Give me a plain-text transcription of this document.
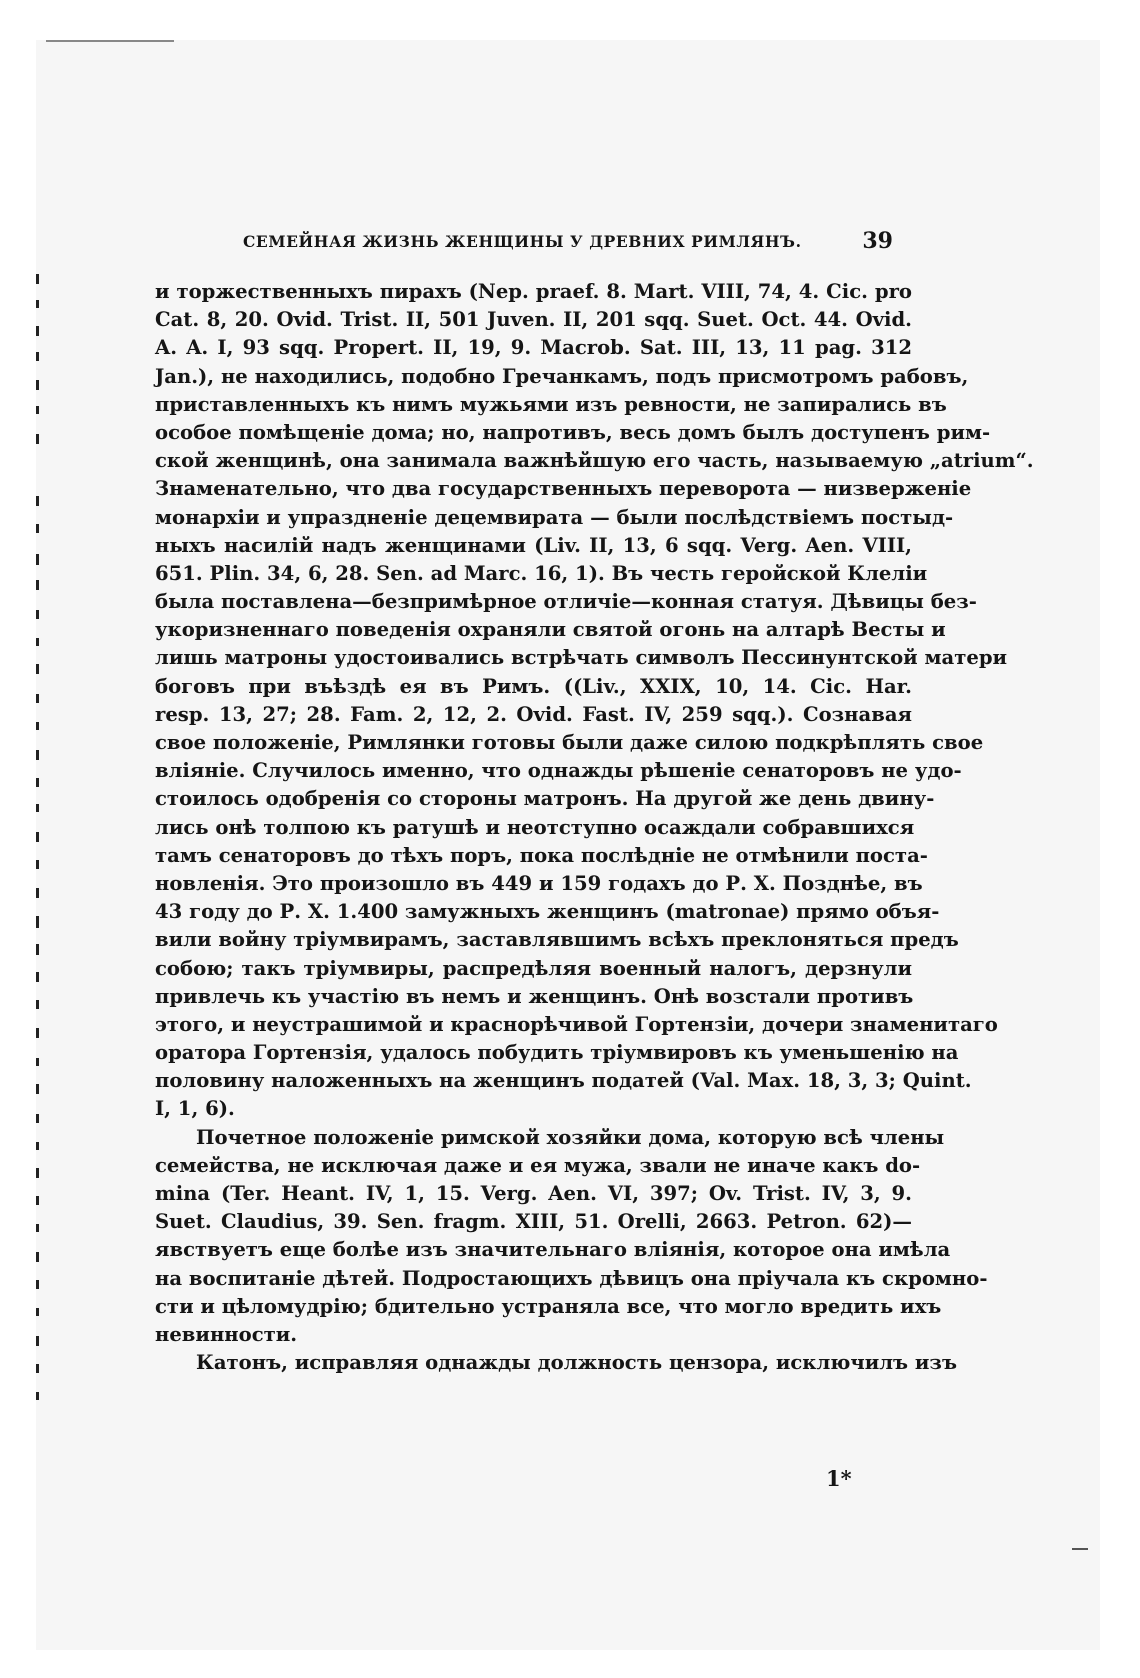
СЕМЕЙНАЯ ЖИЗНЬ ЖЕНЩИНЫ У ДРЕВНИХ РИМЛЯНЪ.	39
и торжественныхъ пирахъ (Nep. praef. 8. Mart. VIII, 74, 4. Cic. pro
Cat. 8, 20. Ovid. Trist. II, 501 Juven. II, 201 sqq. Suet. Oct. 44. Ovid.
A. A. I, 93 sqq. Propert. II, 19, 9. Macrob. Sat. III, 13, 11 pag. 312
Jan.), не находились, подобно Гречанкамъ, подъ присмотромъ рабовъ,
приставленныхъ къ нимъ мужьями изъ ревности, не запирались въ
особое помѣщеніе дома; но, напротивъ, весь домъ былъ доступенъ рим-
ской женщинѣ, она занимала важнѣйшую его часть, называемую „atrium“.
Знаменательно, что два государственныхъ переворота — низверженіе
монархіи и упраздненіе децемвирата — были послѣдствіемъ постыд-
ныхъ насилій надъ женщинами (Liv. II, 13, 6 sqq. Verg. Aen. VIII,
651. Plin. 34, 6, 28. Sen. ad Marc. 16, 1). Въ честь геройской Клеліи
была поставлена—безпримѣрное отличіе—конная статуя. Дѣвицы без-
укоризненнаго поведенія охраняли святой огонь на алтарѣ Весты и
лишь матроны удостоивались встрѣчать символъ Пессинунтской матери
боговъ при въѣздѣ ея въ Римъ. ((Liv., XXIX, 10, 14. Cic. Har.
resp. 13, 27; 28. Fam. 2, 12, 2. Ovid. Fast. IV, 259 sqq.). Сознавая
свое положеніе, Римлянки готовы были даже силою подкрѣплять свое
вліяніе. Случилось именно, что однажды рѣшеніе сенаторовъ не удо-
стоилось одобренія со стороны матронъ. На другой же день двину-
лись онѣ толпою къ ратушѣ и неотступно осаждали собравшихся
тамъ сенаторовъ до тѣхъ поръ, пока послѣдніе не отмѣнили поста-
новленія. Это произошло въ 449 и 159 годахъ до Р. Х. Позднѣе, въ
43 году до Р. Х. 1.400 замужныхъ женщинъ (matronae) прямо объя-
вили войну тріумвирамъ, заставлявшимъ всѣхъ преклоняться предъ
собою; такъ тріумвиры, распредѣляя военный налогъ, дерзнули
привлечь къ участію въ немъ и женщинъ. Онѣ возстали противъ
этого, и неустрашимой и краснорѣчивой Гортензіи, дочери знаменитаго
оратора Гортензія, удалось побудить тріумвировъ къ уменьшенію на
половину наложенныхъ на женщинъ податей (Val. Max. 18, 3, 3; Quint.
I, 1, 6).
Почетное положеніе римской хозяйки дома, которую всѣ члены
семейства, не исключая даже и ея мужа, звали не иначе какъ do-
mina (Ter. Heant. IV, 1, 15. Verg. Aen. VI, 397; Ov. Trist. IV, 3, 9.
Suet. Claudius, 39. Sen. fragm. XIII, 51. Orelli, 2663. Petron. 62)—
явствуетъ еще болѣе изъ значительнаго вліянія, которое она имѣла
на воспитаніе дѣтей. Подростающихъ дѣвицъ она пріучала къ скромно-
сти и цѣломудрію; бдительно устраняла все, что могло вредить ихъ
невинности.
Катонъ, исправляя однажды должность цензора, исключилъ изъ
1*
